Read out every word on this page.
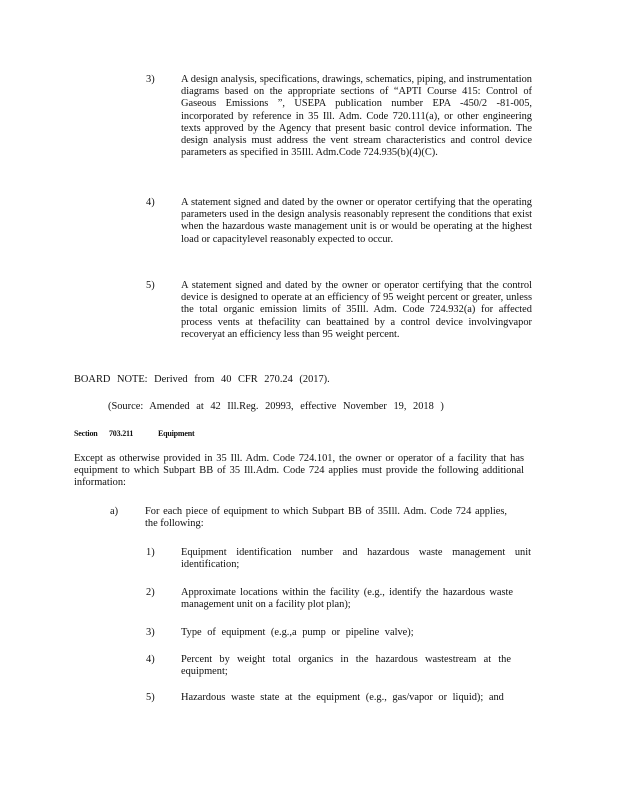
3)	A design analysis, specifications, drawings, schematics, piping, and instrumentation diagrams based on the appropriate sections of “APTI Course 415: Control of Gaseous Emissions ”, USEPA publication number EPA -450/2 -81-005, incorporated by reference in 35 Ill. Adm. Code 720.111(a), or other engineering texts approved by the Agency that present basic control device information. The design analysis must address the vent stream characteristics and control device parameters as specified in 35Ill. Adm.Code 724.935(b)(4)(C).
4)	A statement signed and dated by the owner or operator certifying that the operating parameters used in the design analysis reasonably represent the conditions that exist when the hazardous waste management unit is or would be operating at the highest load or capacitylevel reasonably expected to occur.
5)	A statement signed and dated by the owner or operator certifying that the control device is designed to operate at an efficiency of 95 weight percent or greater, unless the total organic emission limits of 35Ill. Adm. Code 724.932(a) for affected process vents at thefacility can beattained by a control device involvingvapor recoveryat an efficiency less than 95 weight percent.
BOARD NOTE: Derived from 40 CFR 270.24 (2017).
(Source: Amended at 42 Ill.Reg. 20993, effective November 19, 2018 )
Section 703.211	Equipment
Except as otherwise provided in 35 Ill. Adm. Code 724.101, the owner or operator of a facility that has equipment to which Subpart BB of 35 Ill.Adm. Code 724 applies must provide the following additional information:
a)	For each piece of equipment to which Subpart BB of 35Ill. Adm. Code 724 applies, the following:
1)	Equipment identification number and hazardous waste management unit identification;
2)	Approximate locations within the facility (e.g., identify the hazardous waste management unit on a facility plot plan);
3)	Type of equipment (e.g.,a pump or pipeline valve);
4)	Percent by weight total organics in the hazardous wastestream at the equipment;
5)	Hazardous waste state at the equipment (e.g., gas/vapor or liquid); and
